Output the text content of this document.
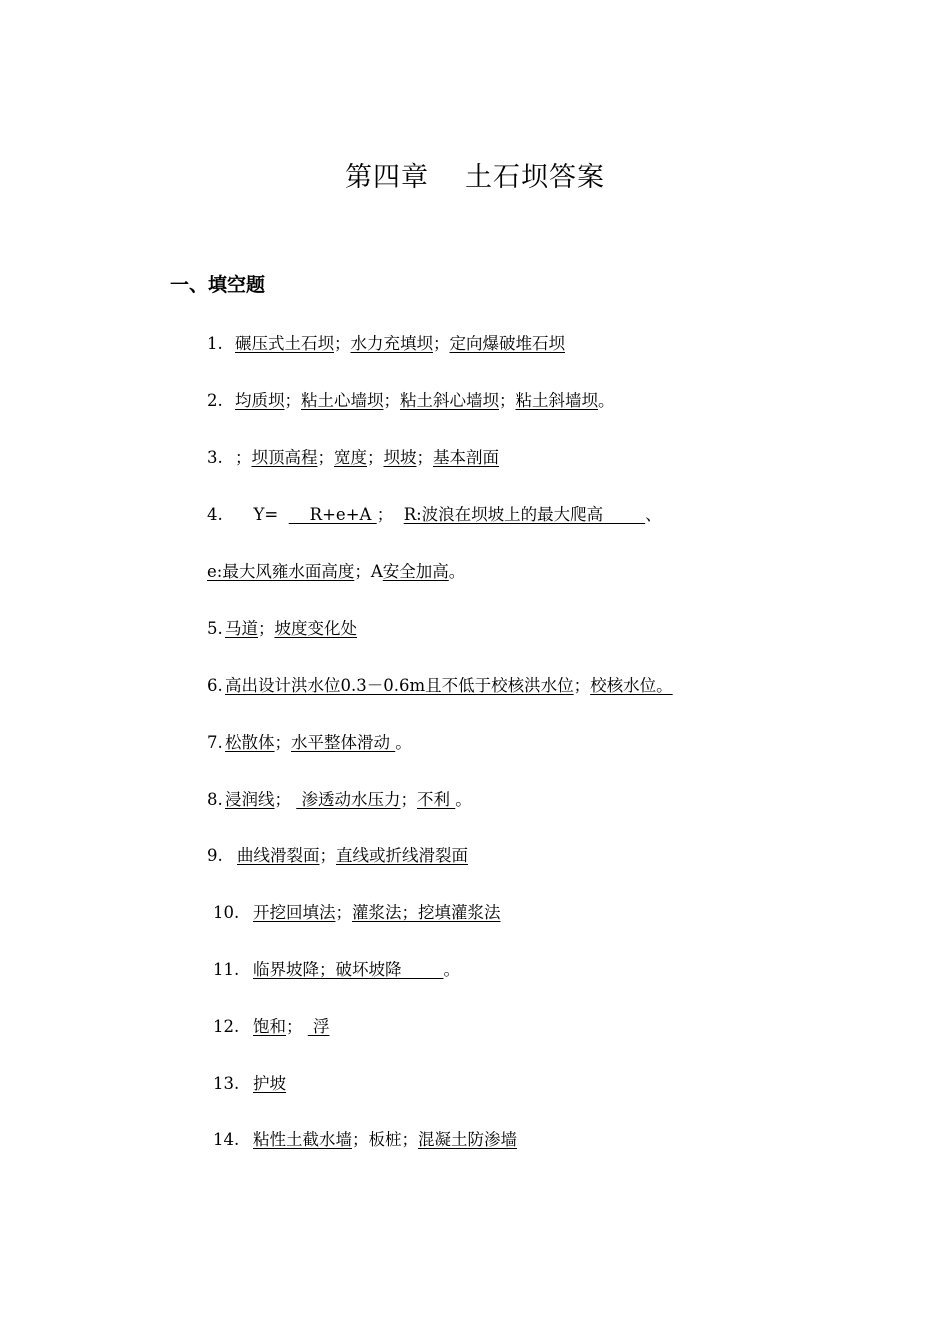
第四章 土石坝答案
一、填空题
1. 碾压式土石坝；水力充填坝；定向爆破堆石坝
2. 均质坝；粘土心墙坝；粘土斜心墙坝；粘土斜墙坝。
3. ；坝顶高程；宽度；坝坡；基本剖面
4.  Y=      R+e+A ；  R:波浪在坝坡上的最大爬高        、
e:最大风雍水面高度；A安全加高。
5. 马道；坡度变化处
6. 高出设计洪水位0.3－0.6m且不低于校核洪水位；校核水位。
7. 松散体；水平整体滑动 。
8. 浸润线；  渗透动水压力；不利 。
9. 曲线滑裂面；直线或折线滑裂面
10. 开挖回填法；灌浆法；挖填灌浆法
11. 临界坡降；破坏坡降        。
12. 饱和；  浮
13. 护坡
14. 粘性土截水墙；板桩；混凝土防渗墙
